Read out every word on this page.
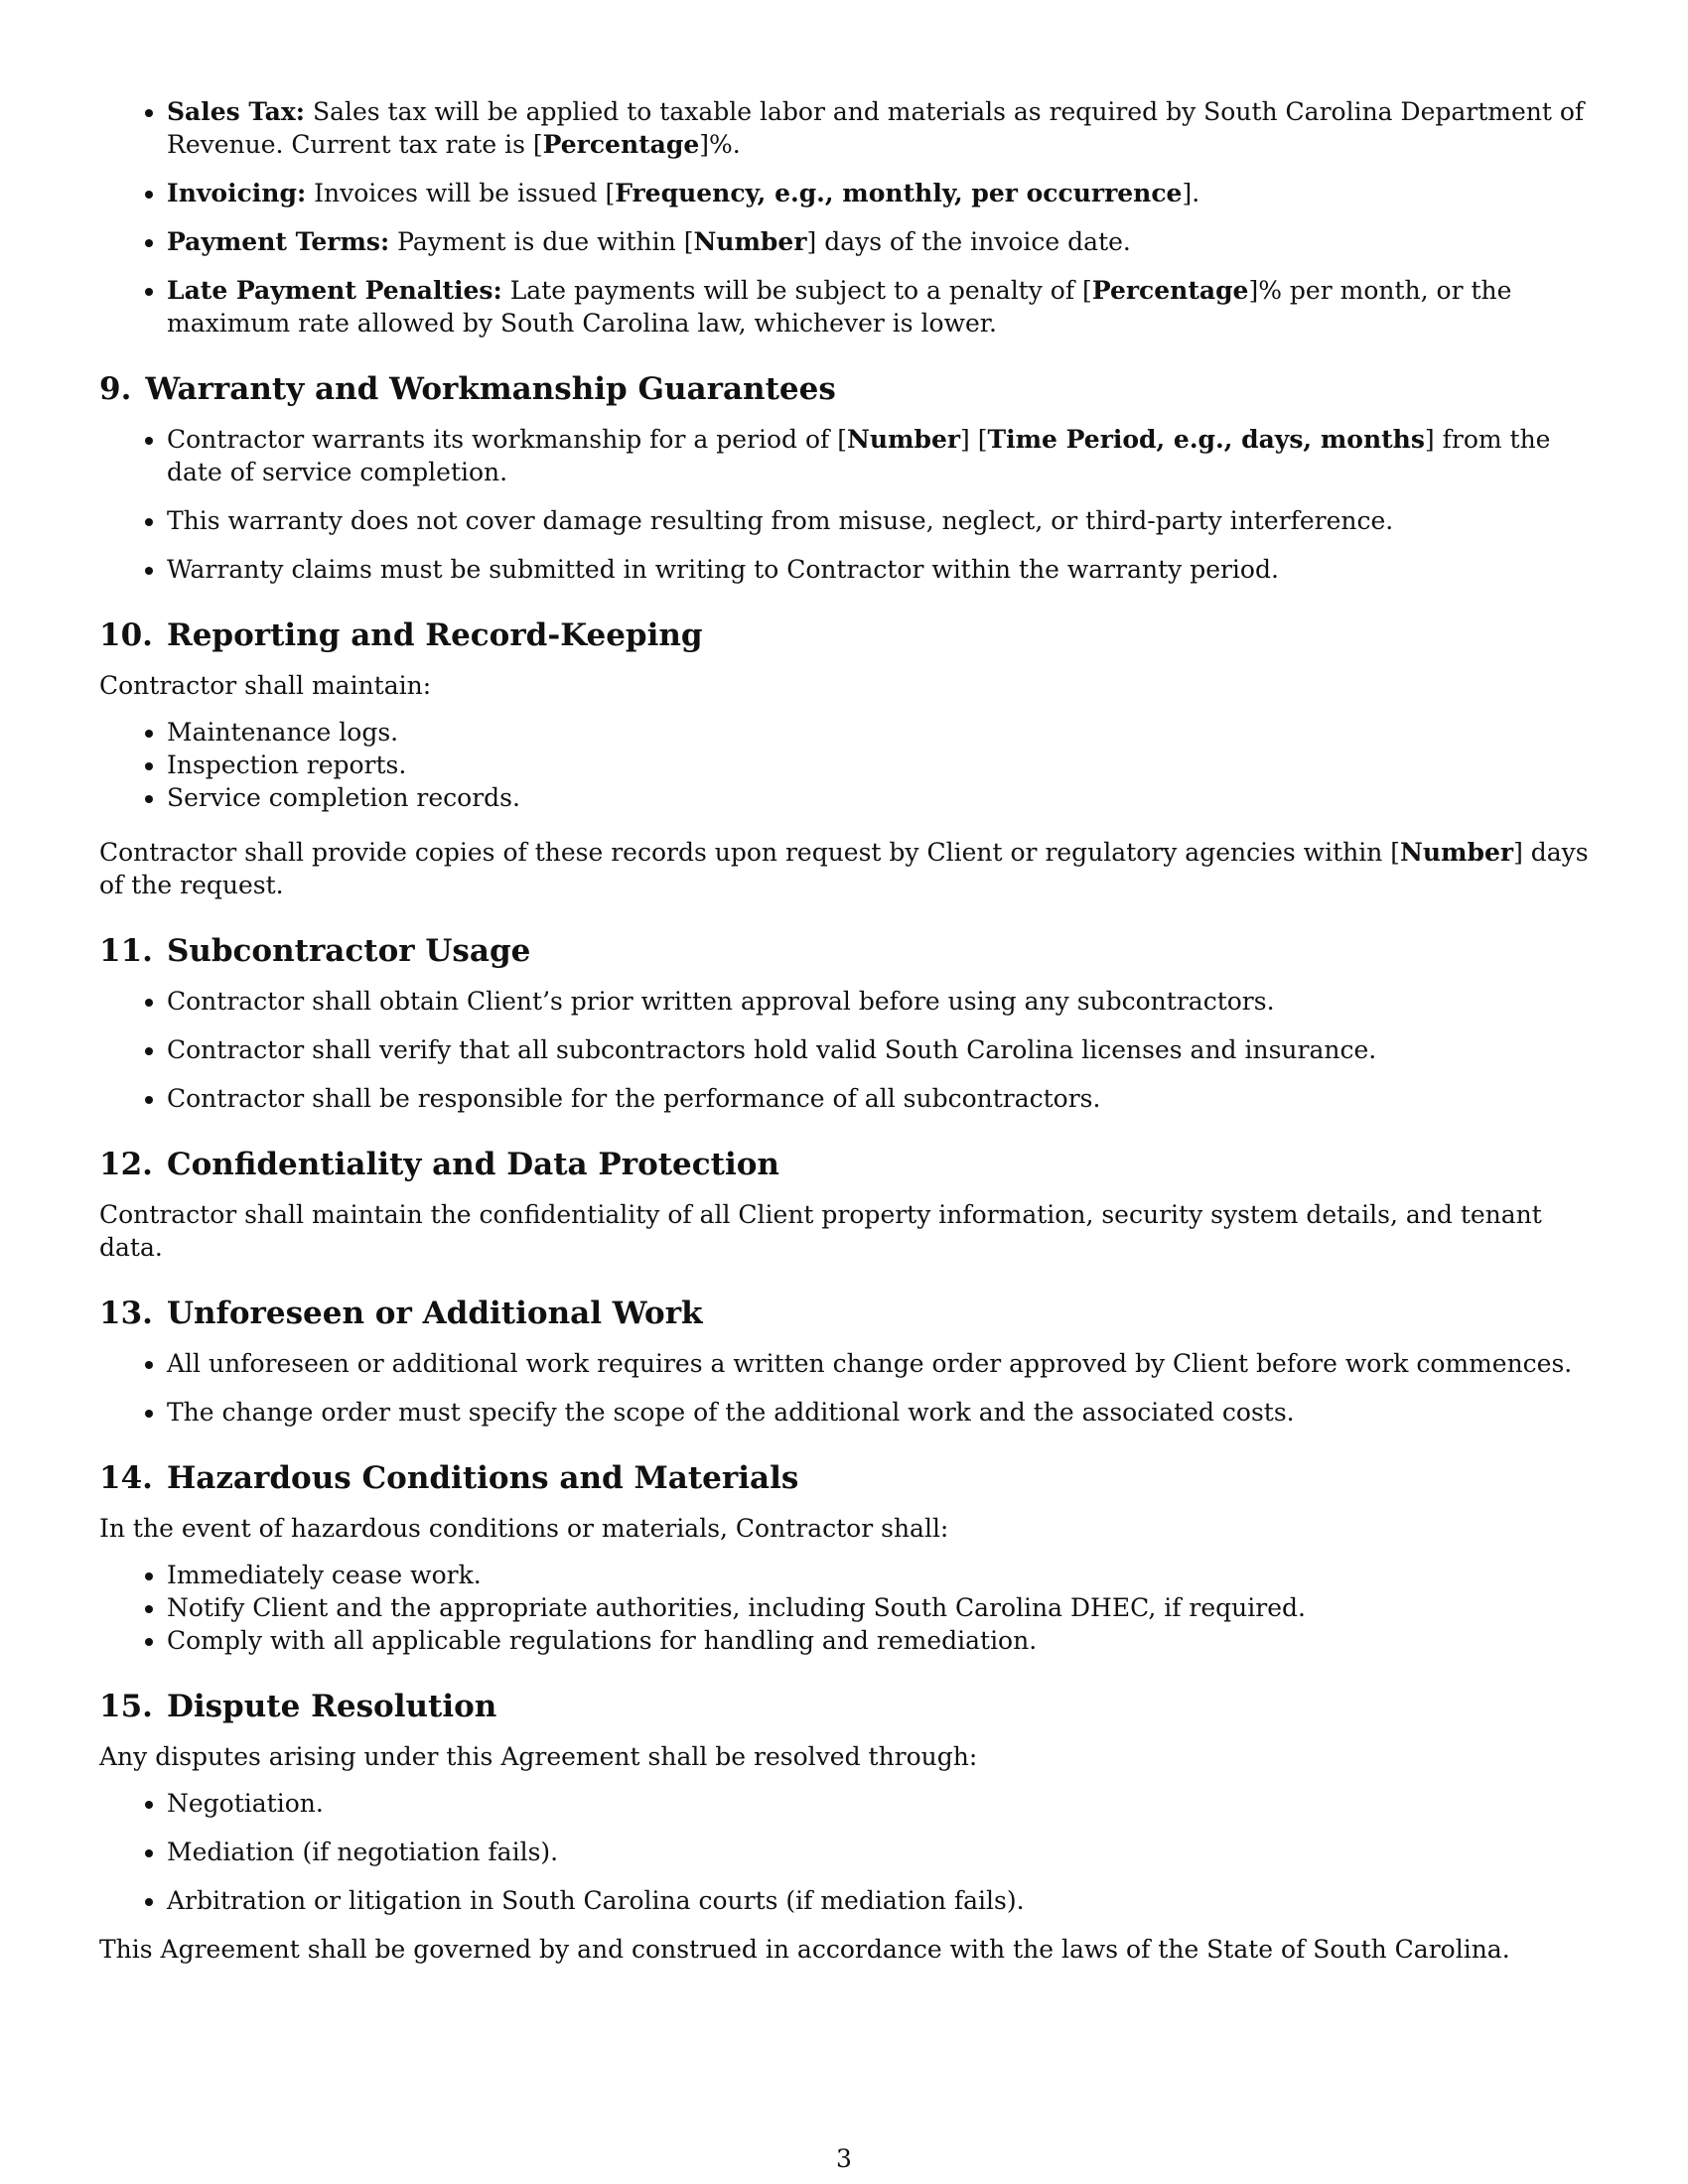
• Sales Tax: Sales tax will be applied to taxable labor and materials as required by South Carolina Department of Revenue. Current tax rate is [Percentage]%.
• Invoicing: Invoices will be issued [Frequency, e.g., monthly, per occurrence].
• Payment Terms: Payment is due within [Number] days of the invoice date.
• Late Payment Penalties: Late payments will be subject to a penalty of [Percentage]% per month, or the maximum rate allowed by South Carolina law, whichever is lower.
9. Warranty and Workmanship Guarantees
• Contractor warrants its workmanship for a period of [Number] [Time Period, e.g., days, months] from the date of service completion.
• This warranty does not cover damage resulting from misuse, neglect, or third-party interference.
• Warranty claims must be submitted in writing to Contractor within the warranty period.
10. Reporting and Record-Keeping

Contractor shall maintain:

• Maintenance logs.
• Inspection reports.
• Service completion records.

Contractor shall provide copies of these records upon request by Client or regulatory agencies within [Number] days of the request.

11. Subcontractor Usage
• Contractor shall obtain Client’s prior written approval before using any subcontractors.
• Contractor shall verify that all subcontractors hold valid South Carolina licenses and insurance.
• Contractor shall be responsible for the performance of all subcontractors.
12. Confidentiality and Data Protection

Contractor shall maintain the confidentiality of all Client property information, security system details, and tenant data.

13. Unforeseen or Additional Work
• All unforeseen or additional work requires a written change order approved by Client before work commences.
• The change order must specify the scope of the additional work and the associated costs.
14. Hazardous Conditions and Materials

In the event of hazardous conditions or materials, Contractor shall:

• Immediately cease work.
• Notify Client and the appropriate authorities, including South Carolina DHEC, if required.
• Comply with all applicable regulations for handling and remediation.
15. Dispute Resolution

Any disputes arising under this Agreement shall be resolved through:

• Negotiation.
• Mediation (if negotiation fails).
• Arbitration or litigation in South Carolina courts (if mediation fails).

This Agreement shall be governed by and construed in accordance with the laws of the State of South Carolina.

3
